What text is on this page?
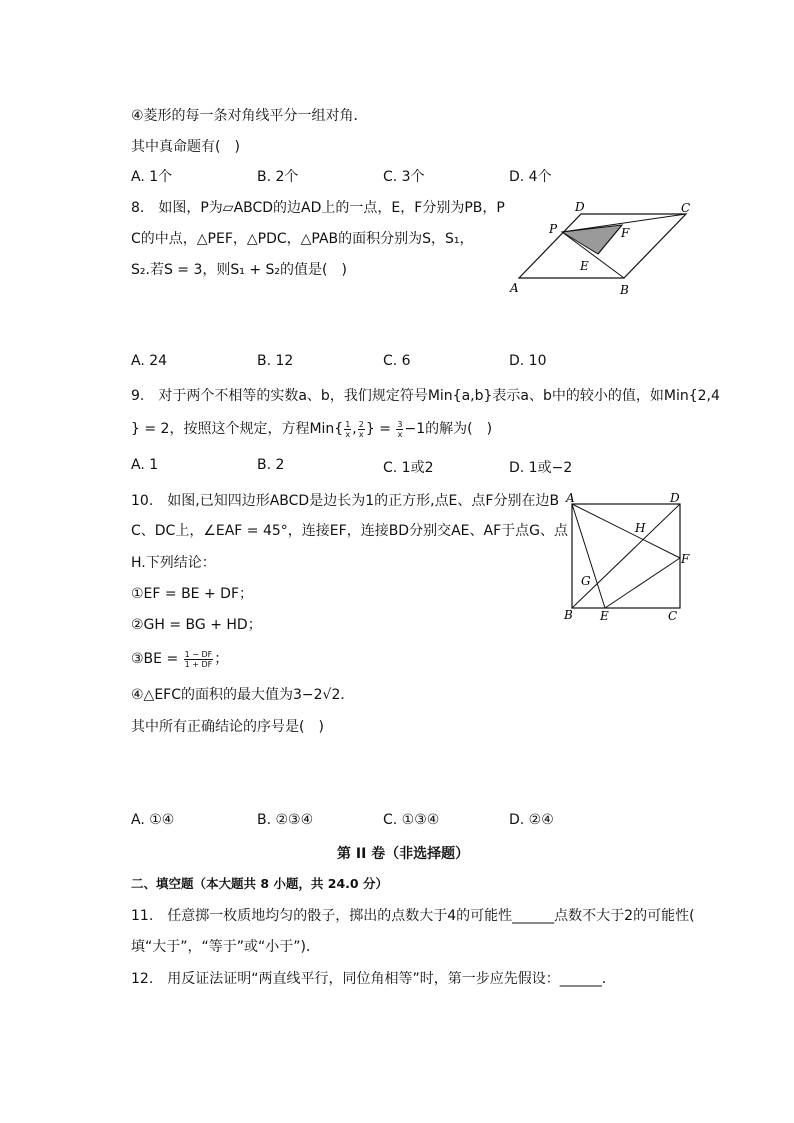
④菱形的每一条对角线平分一组对角．
其中真命题有(　)
A. 1个	B. 2个	C. 3个	D. 4个
8.　如图，P为▱ABCD的边AD上的一点，E，F分别为PB，P
C的中点，△PEF，△PDC，△PAB的面积分别为S，S₁，
S₂.若S = 3，则S₁ + S₂的值是(　)
A	B
C
D
P
E
F
A. 24	B. 12	C. 6	D. 10
9.　对于两个不相等的实数a、b，我们规定符号Min{a,b}表示a、b中的较小的值，如Min{2,4
} = 2，按照这个规定，方程$Min\{ \frac{1}{x}$ , $\frac{2}{x}$ } = $\frac{3}{x} -1$的解为(　)
A. 1	B. 2	C. 1或2	D. 1或−2
10.　如图,已知四边形ABCD是边长为1的正方形,点E、点F分别在边B
C、DC上，∠EAF = 45°，连接EF，连接BD分别交AE、AF于点G、点
H.下列结论：
①EF = BE + DF；
②GH = BG + HD；
③BE = $\frac{1 - DF}{1 + DF}$ ；
④△EFC的面积的最大值为3−2√2．
其中所有正确结论的序号是(　)
A	D
B	C
E
F
G
H
A. ①④	B. ②③④	C. ①③④	D. ②④
第 II 卷（非选择题）
二、填空题（本大题共 8 小题，共 24.0 分）
11.　任意掷一枚质地均匀的骰子，掷出的点数大于4的可能性______点数不大于2的可能性(
填“大于”，“等于”或“小于”)．
12.　用反证法证明“两直线平行，同位角相等”时，第一步应先假设：______．
